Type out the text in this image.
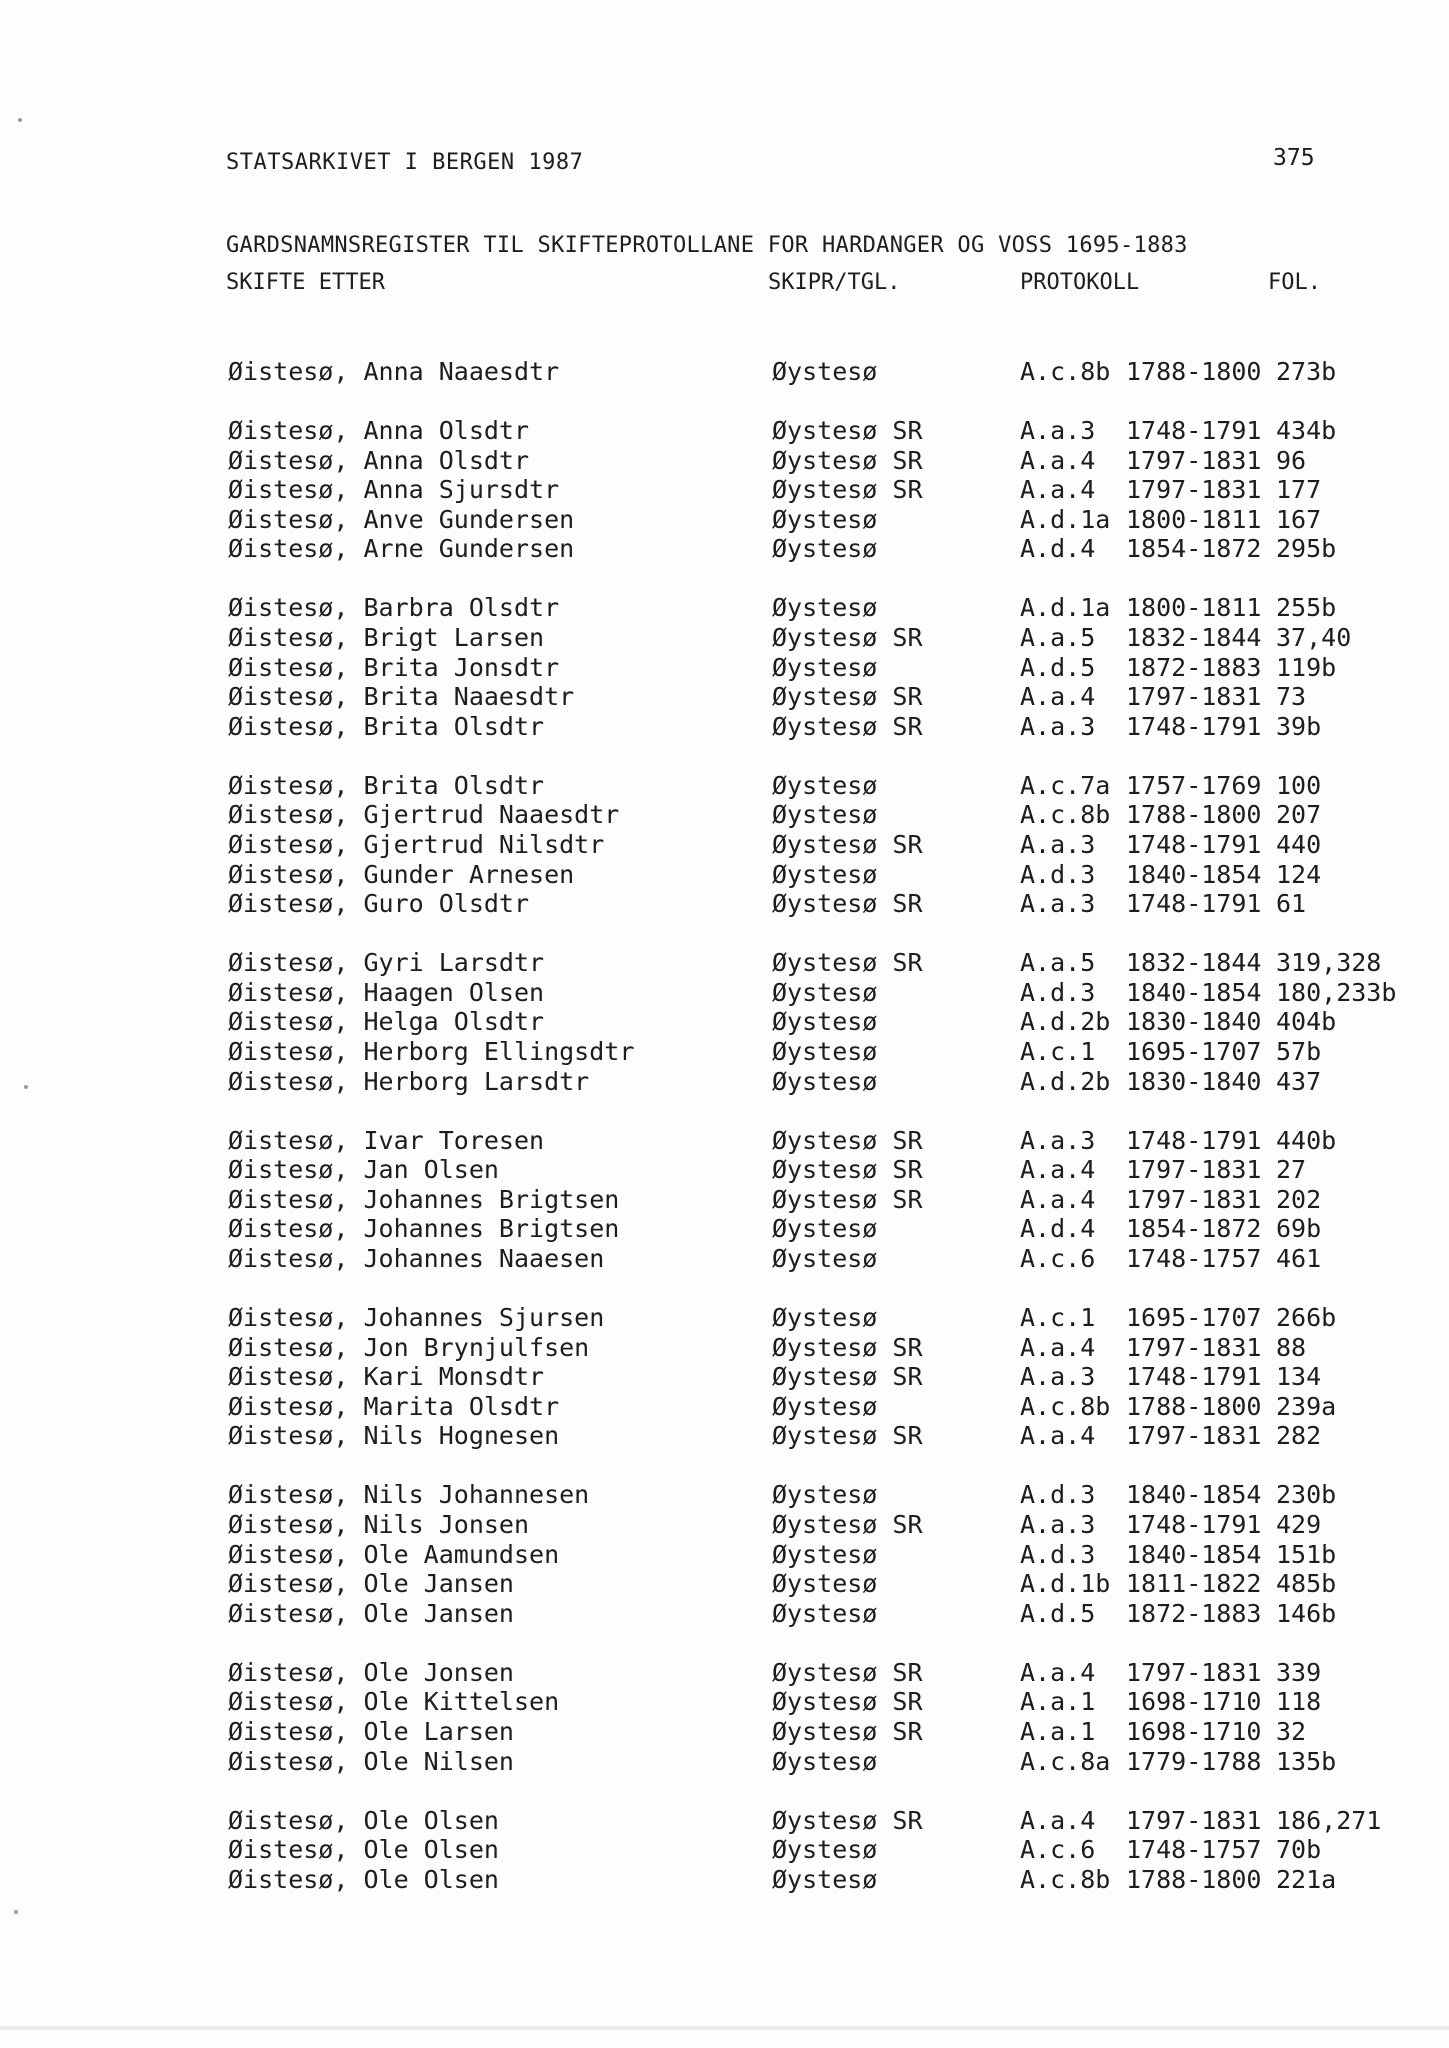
STATSARKIVET I BERGEN 1987	375
GARDSNAMNSREGISTER TIL SKIFTEPROTOLLANE FOR HARDANGER OG VOSS 1695-1883
SKIFTE ETTER	SKIPR/TGL.	PROTOKOLL	FOL.
Øistesø, Anna Naaesdtr	Øystesø	A.c.8b 1788-1800 273b
Øistesø, Anna Olsdtr	Øystesø SR	A.a.3 1748-1791 434b
Øistesø, Anna Olsdtr	Øystesø SR	A.a.4 1797-1831 96
Øistesø, Anna Sjursdtr	Øystesø SR	A.a.4 1797-1831 177
Øistesø, Anve Gundersen	Øystesø	A.d.1a 1800-1811 167
Øistesø, Arne Gundersen	Øystesø	A.d.4 1854-1872 295b
Øistesø, Barbra Olsdtr	Øystesø	A.d.1a 1800-1811 255b
Øistesø, Brigt Larsen	Øystesø SR	A.a.5 1832-1844 37,40
Øistesø, Brita Jonsdtr	Øystesø	A.d.5 1872-1883 119b
Øistesø, Brita Naaesdtr	Øystesø SR	A.a.4 1797-1831 73
Øistesø, Brita Olsdtr	Øystesø SR	A.a.3 1748-1791 39b
Øistesø, Brita Olsdtr	Øystesø	A.c.7a 1757-1769 100
Øistesø, Gjertrud Naaesdtr	Øystesø	A.c.8b 1788-1800 207
Øistesø, Gjertrud Nilsdtr	Øystesø SR	A.a.3 1748-1791 440
Øistesø, Gunder Arnesen	Øystesø	A.d.3 1840-1854 124
Øistesø, Guro Olsdtr	Øystesø SR	A.a.3 1748-1791 61
Øistesø, Gyri Larsdtr	Øystesø SR	A.a.5 1832-1844 319,328
Øistesø, Haagen Olsen	Øystesø	A.d.3 1840-1854 180,233b
Øistesø, Helga Olsdtr	Øystesø	A.d.2b 1830-1840 404b
Øistesø, Herborg Ellingsdtr	Øystesø	A.c.1 1695-1707 57b
Øistesø, Herborg Larsdtr	Øystesø	A.d.2b 1830-1840 437
Øistesø, Ivar Toresen	Øystesø SR	A.a.3 1748-1791 440b
Øistesø, Jan Olsen	Øystesø SR	A.a.4 1797-1831 27
Øistesø, Johannes Brigtsen	Øystesø SR	A.a.4 1797-1831 202
Øistesø, Johannes Brigtsen	Øystesø	A.d.4 1854-1872 69b
Øistesø, Johannes Naaesen	Øystesø	A.c.6 1748-1757 461
Øistesø, Johannes Sjursen	Øystesø	A.c.1 1695-1707 266b
Øistesø, Jon Brynjulfsen	Øystesø SR	A.a.4 1797-1831 88
Øistesø, Kari Monsdtr	Øystesø SR	A.a.3 1748-1791 134
Øistesø, Marita Olsdtr	Øystesø	A.c.8b 1788-1800 239a
Øistesø, Nils Hognesen	Øystesø SR	A.a.4 1797-1831 282
Øistesø, Nils Johannesen	Øystesø	A.d.3 1840-1854 230b
Øistesø, Nils Jonsen	Øystesø SR	A.a.3 1748-1791 429
Øistesø, Ole Aamundsen	Øystesø	A.d.3 1840-1854 151b
Øistesø, Ole Jansen	Øystesø	A.d.1b 1811-1822 485b
Øistesø, Ole Jansen	Øystesø	A.d.5 1872-1883 146b
Øistesø, Ole Jonsen	Øystesø SR	A.a.4 1797-1831 339
Øistesø, Ole Kittelsen	Øystesø SR	A.a.1 1698-1710 118
Øistesø, Ole Larsen	Øystesø SR	A.a.1 1698-1710 32
Øistesø, Ole Nilsen	Øystesø	A.c.8a 1779-1788 135b
Øistesø, Ole Olsen	Øystesø SR	A.a.4 1797-1831 186,271
Øistesø, Ole Olsen	Øystesø	A.c.6 1748-1757 70b
Øistesø, Ole Olsen	Øystesø	A.c.8b 1788-1800 221a
